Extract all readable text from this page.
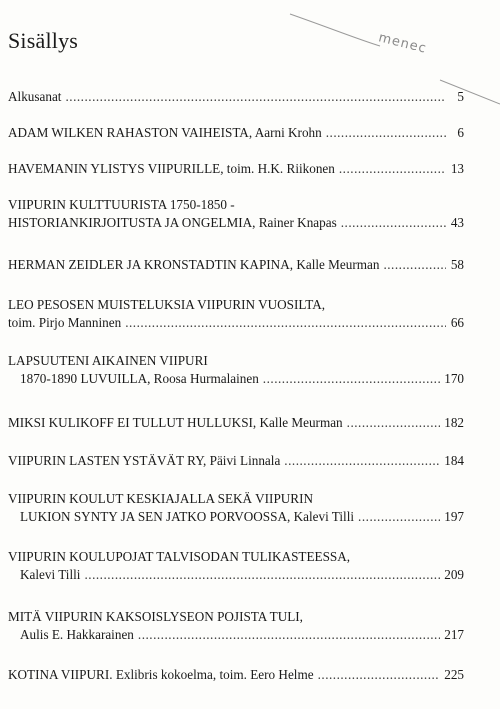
Sisällys	menec
Alkusanat .....	5
ADAM WILKEN RAHASTON VAIHEISTA, Aarni Krohn .....	6
HAVEMANIN YLISTYS VIIPURILLE, toim. H.K. Riikonen .....	13
VIIPURIN KULTTUURISTA 1750-1850 -
HISTORIANKIRJOITUSTA JA ONGELMIA, Rainer Knapas .....	43
HERMAN ZEIDLER JA KRONSTADTIN KAPINA, Kalle Meurman .....	58
LEO PESOSEN MUISTELUKSIA VIIPURIN VUOSILTA,
toim. Pirjo Manninen .....	66
LAPSUUTENI AIKAINEN VIIPURI
1870-1890 LUVUILLA, Roosa Hurmalainen .....	170
MIKSI KULIKOFF EI TULLUT HULLUKSI, Kalle Meurman .....	182
VIIPURIN LASTEN YSTÄVÄT RY, Päivi Linnala .....	184
VIIPURIN KOULUT KESKIAJALLA SEKÄ VIIPURIN
LUKION SYNTY JA SEN JATKO PORVOOSSA, Kalevi Tilli .....	197
VIIPURIN KOULUPOJAT TALVISODAN TULIKASTEESSA,
Kalevi Tilli .....	209
MITÄ VIIPURIN KAKSOISLYSEON POJISTA TULI,
Aulis E. Hakkarainen .....	217
KOTINA VIIPURI. Exlibris kokoelma, toim. Eero Helme .....	225
